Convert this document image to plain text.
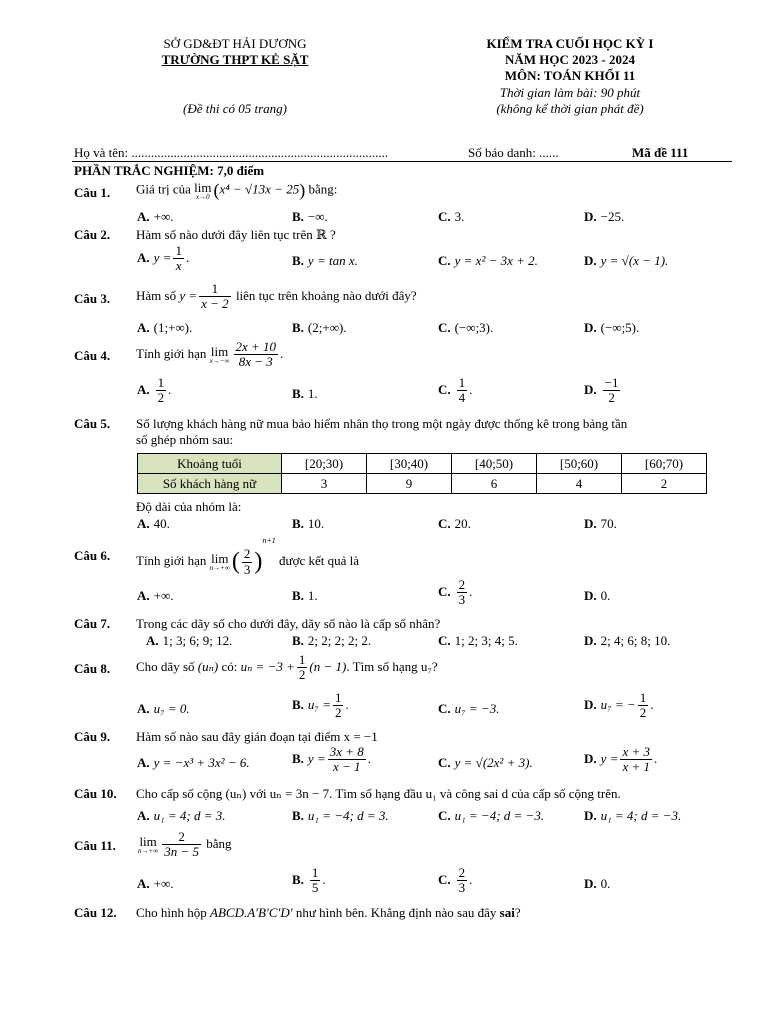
SỞ GD&ĐT HẢI DƯƠNG
TRƯỜNG THPT KẺ SẶT
(Đề thi có 05 trang)
KIỂM TRA CUỐI HỌC KỲ I
NĂM HỌC 2023 - 2024
MÔN: TOÁN KHỐI 11
Thời gian làm bài: 90 phút
(không kể thời gian phát đề)
Họ và tên: ...............................................................................	Số báo danh: ......	Mã đề 111
PHẦN TRẮC NGHIỆM: 7,0 điểm
Câu 1. Giá trị của lim
x→0 (x⁴ − √13x − 25) bằng:
A. +∞.	B. −∞.	C. 3.	D. −25.
Câu 2. Hàm số nào dưới đây liên tục trên ℝ ?
A. $y = \frac{1}{x}$ .	B. y = tan x.	C. y = x² − 3x + 2.	D. y = √(x − 1).
Câu 3. Hàm số $y = \frac{1}{x - 2}$ liên tục trên khoảng nào dưới đây?
A. (1;+∞).	B. (2;+∞).	C. (−∞;3).	D. (−∞;5).
Câu 4. Tính giới hạn lim
$x\to-\infty \frac{2x + 10}{8x - 3}$ .
A. $\frac{1}{2}$ .	B. 1.	C. $\frac{1}{4}$ .	D. $\frac{-1}{2}$
Câu 5. Số lượng khách hàng nữ mua bảo hiểm nhân thọ trong một ngày được thống kê trong bảng tần
số ghép nhóm sau:
Khoảng tuổi	[20;30)	[30;40)	[40;50)	[50;60)	[60;70)
Số khách hàng nữ	3	9	6	4	2
Độ dài của nhóm là:
A. 40.	B. 10.	C. 20.	D. 70.
Câu 6. Tính giới hạn lim
n→+∞ ( $\frac{2}{3} )^{n+1}$ được kết quả là
A. +∞.	B. 1.	C. $\frac{2}{3}$ .	D. 0.
Câu 7. Trong các dãy số cho dưới đây, dãy số nào là cấp số nhân?
A. 1; 3; 6; 9; 12.	B. 2; 2; 2; 2; 2.	C. 1; 2; 3; 4; 5.	D. 2; 4; 6; 8; 10.
Câu 8. Cho dãy số (uₙ) có: $u_n = -3 + \frac{1}{2} (n - 1)$. Tìm số hạng u₇?
A. u₇ = 0.	B. $u_7 = \frac{1}{2}$ .	C. u₇ = −3.	D. u₇ = − $\frac{1}{2}$ .
Câu 9. Hàm số nào sau đây gián đoạn tại điểm x = −1
A. y = −x³ + 3x² − 6.	B. $y = \frac{3x + 8}{x - 1}$ .	C. y = √(2x² + 3).	D. $y = \frac{x + 3}{x + 1}$ .
Câu 10. Cho cấp số cộng (uₙ) với uₙ = 3n − 7. Tìm số hạng đầu u₁ và công sai d của cấp số cộng trên.
A. u₁ = 4; d = 3.	B. u₁ = −4; d = 3.	C. u₁ = −4; d = −3.	D. u₁ = 4; d = −3.
Câu 11. lim
$n\to+\infty \frac{2}{3n - 5}$ bằng
A. +∞.	B. $\frac{1}{5}$ .	C. $\frac{2}{3}$ .	D. 0.
Câu 12. Cho hình hộp ABCD.A′B′C′D′ như hình bên. Khẳng định nào sau đây sai?
